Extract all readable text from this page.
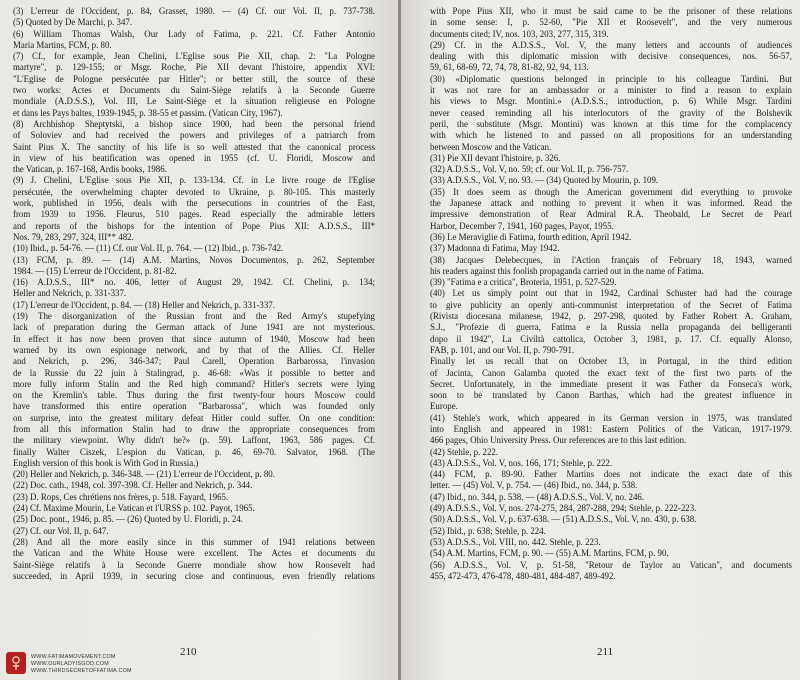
(3) L'erreur de l'Occident, p. 84, Grasset, 1980. — (4) Cf. our Vol. II, p. 737-738.
(5) Quoted by De Marchi, p. 347.
(6) William Thomas Walsh, Our Lady of Fatima, p. 221. Cf. Father Antonio
Maria Martins, FCM, p. 80.
(7) Cf., for example, Jean Chelini, L'Eglise sous Pie XII, chap. 2: "La Pologne
martyre", p. 129-155; or Msgr. Roche, Pie XII devant l'histoire, appendix XVI:
"L'Eglise de Pologne persécutée par Hitler"; or better still, the source of these
two works: Actes et Documents du Saint-Siège relatifs à la Seconde Guerre
mondiale (A.D.S.S.), Vol. III, Le Saint-Siège et la situation religieuse en Pologne
et dans les Pays baltes, 1939-1945, p. 38-55 et passim. (Vatican City, 1967).
(8) Archbishop Sheptytski, a bishop since 1900, had been the personal friend
of Soloviev and had received the powers and privileges of a patriarch from
Saint Pius X. The sanctity of his life is so well attested that the canonical process
in view of his beatification was opened in 1955 (cf. U. Floridi, Moscow and
the Vatican, p. 167-168, Ardis books, 1986.
(9) J. Chelini, L'Eglise sous Pie XII, p. 133-134. Cf. in Le livre rouge de l'Eglise
persécutée, the overwhelming chapter devoted to Ukraine, p. 80-105. This masterly
work, published in 1956, deals with the persecutions in countries of the East,
from 1939 to 1956. Fleurus, 510 pages. Read especially the admirable letters
and reports of the bishops for the intention of Pope Pius XII: A.D.S.S., III*
Nos. 79, 283, 297, 324, III** 482.
(10) Ibid., p. 54-76. — (11) Cf. our Vol. II, p. 764. — (12) Ibid., p. 736-742.
(13) FCM, p. 89. — (14) A.M. Martins, Novos Documentos, p. 262, September
1984. — (15) L'erreur de l'Occident, p. 81-82.
(16) A.D.S.S., III* no. 406, letter of August 29, 1942. Cf. Chelini, p. 134;
Heller and Nekrich, p. 331-337.
(17) L'erreur de l'Occident, p. 84. — (18) Heller and Nekrich, p. 331-337.
(19) The disorganization of the Russian front and the Red Army's stupefying
lack of preparation during the German attack of June 1941 are not mysterious.
In effect it has now been proven that since autumn of 1940, Moscow had been
warned by its own espionage network, and by that of the Allies. Cf. Heller
and Nekrich, p. 296, 346-347; Paul Carell, Operation Barbarossa, l'invasion
de la Russie du 22 juin à Stalingrad, p. 46-68: «Was it possible to better and
more fully inform Stalin and the Red high command? Hitler's secrets were lying
on the Kremlin's table. Thus during the first twenty-four hours Moscow could
have transformed this entire operation "Barbarossa", which was founded only
on surprise, into the greatest military defeat Hitler could suffer. On one condition:
from all this information Stalin had to draw the appropriate consequences from
the military viewpoint. Why didn't he?» (p. 59). Laffont, 1963, 586 pages. Cf.
finally Walter Ciszek, L'espion du Vatican, p. 46, 69-70. Salvator, 1968. (The
English version of this book is With God in Russia.)
(20) Heller and Nekrich, p. 346-348. — (21) L'erreur de l'Occident, p. 80.
(22) Doc. cath., 1948, col. 397-398. Cf. Heller and Nekrich, p. 344.
(23) D. Rops, Ces chrétiens nos frères, p. 518. Fayard, 1965.
(24) Cf. Maxime Mourin, Le Vatican et l'URSS p. 102. Payot, 1965.
(25) Doc. pont., 1946, p. 85. — (26) Quoted by U. Floridi, p. 24.
(27) Cf. our Vol. II, p. 647.
(28) And all the more easily since in this summer of 1941 relations between
the Vatican and the White House were excellent. The Actes et documents du
Saint-Siège relatifs à la Seconde Guerre mondiale show how Roosevelt had
succeeded, in April 1939, in securing close and continuous, even friendly relations
210
WWW.FATIMAMOVEMENT.COM
WWW.OURLADYISGOD.COM
WWW.THIRDSECRETOFFATIMA.COM
with Pope Pius XII, who it must be said came to be the prisoner of these relations
in some sense: I, p. 52-60, "Pie XII et Roosevelt", and the very numerous
documents cited; IV, nos. 103, 203, 277, 315, 319.
(29) Cf. in the A.D.S.S., Vol. V, the many letters and accounts of audiences
dealing with this diplomatic mission with decisive consequences, nos. 56-57,
59, 61, 68-69, 72, 74, 78, 81-82, 92, 94, 113.
(30) «Diplomatic questions belonged in principle to his colleague Tardini. But
it was not rare for an ambassador or a minister to find a reason to explain
his views to Msgr. Montini.» (A.D.S.S., introduction, p. 6) While Msgr. Tardini
never ceased reminding all his interlocutors of the gravity of the Bolshevik
peril, the substitute (Msgr. Montini) was known at this time for the complacency
with which he listened to and passed on all propositions for an understanding
between Moscow and the Vatican.
(31) Pie XII devant l'histoire, p. 326.
(32) A.D.S.S., Vol. V, no. 59; cf. our Vol. II, p. 756-757.
(33) A.D.S.S., Vol. V, no. 93. — (34) Quoted by Mourin, p. 109.
(35) It does seem as though the American government did everything to provoke
the Japanese attack and nothing to prevent it when it was informed. Read the
impressive demonstration of Rear Admiral R.A. Theobald, Le Secret de Pearl
Harbor, December 7, 1941, 160 pages, Payot, 1955.
(36) Le Meraviglie di Fatima, fourth edition, April 1942.
(37) Madonna di Fatima, May 1942.
(38) Jacques Delebecques, in l'Action français of February 18, 1943, warned
his readers against this foolish propaganda carried out in the name of Fatima.
(39) "Fatima e a critica", Broteria, 1951, p. 527-529.
(40) Let us simply point out that in 1942, Cardinal Schuster had had the courage
to give publicity an openly anti-communist interpretation of the Secret of Fatima
(Rivista diocesana milanese, 1942, p. 297-298, quoted by Father Robert A. Graham,
S.J., "Profezie di guerra, Fatima e la Russia nella propaganda dei belligeranti
dopo il 1942", La Civiltà cattolica, October 3, 1981, p. 17. Cf. equally Alonso,
FAB, p. 101, and our Vol. II, p. 790-791.
Finally let us recall that on October 13, in Portugal, in the third edition
of Jacinta, Canon Galamba quoted the exact text of the first two parts of the
Secret. Unfortunately, in the immediate present it was Father da Fonseca's work,
soon to be translated by Canon Barthas, which had the greatest influence in
Europe.
(41) Stehle's work, which appeared in its German version in 1975, was translated
into English and appeared in 1981: Eastern Politics of the Vatican, 1917-1979.
466 pages, Ohio University Press. Our references are to this last edition.
(42) Stehle, p. 222.
(43) A.D.S.S., Vol. V, nos. 166, 171; Stehle, p. 222.
(44) FCM, p. 89-90. Father Martins does not indicate the exact date of this
letter. — (45) Vol. V, p. 754. — (46) Ibid., no. 344, p. 538.
(47) Ibid., no. 344, p. 538. — (48) A.D.S.S., Vol. V, no. 246.
(49) A.D.S.S., Vol. V, nos. 274-275, 284, 287-288, 294; Stehle, p. 222-223.
(50) A.D.S.S., Vol. V, p. 637-638. — (51) A.D.S.S., Vol. V, no. 430, p. 638.
(52) Ibid., p. 638; Stehle, p. 224.
(53) A.D.S.S., Vol. VIII, no. 442. Stehle, p. 223.
(54) A.M. Martins, FCM, p. 90. — (55) A.M. Martins, FCM, p. 90.
(56) A.D.S.S., Vol. V, p. 51-58, "Retour de Taylor au Vatican", and documents
455, 472-473, 476-478, 480-481, 484-487, 489-492.
211
